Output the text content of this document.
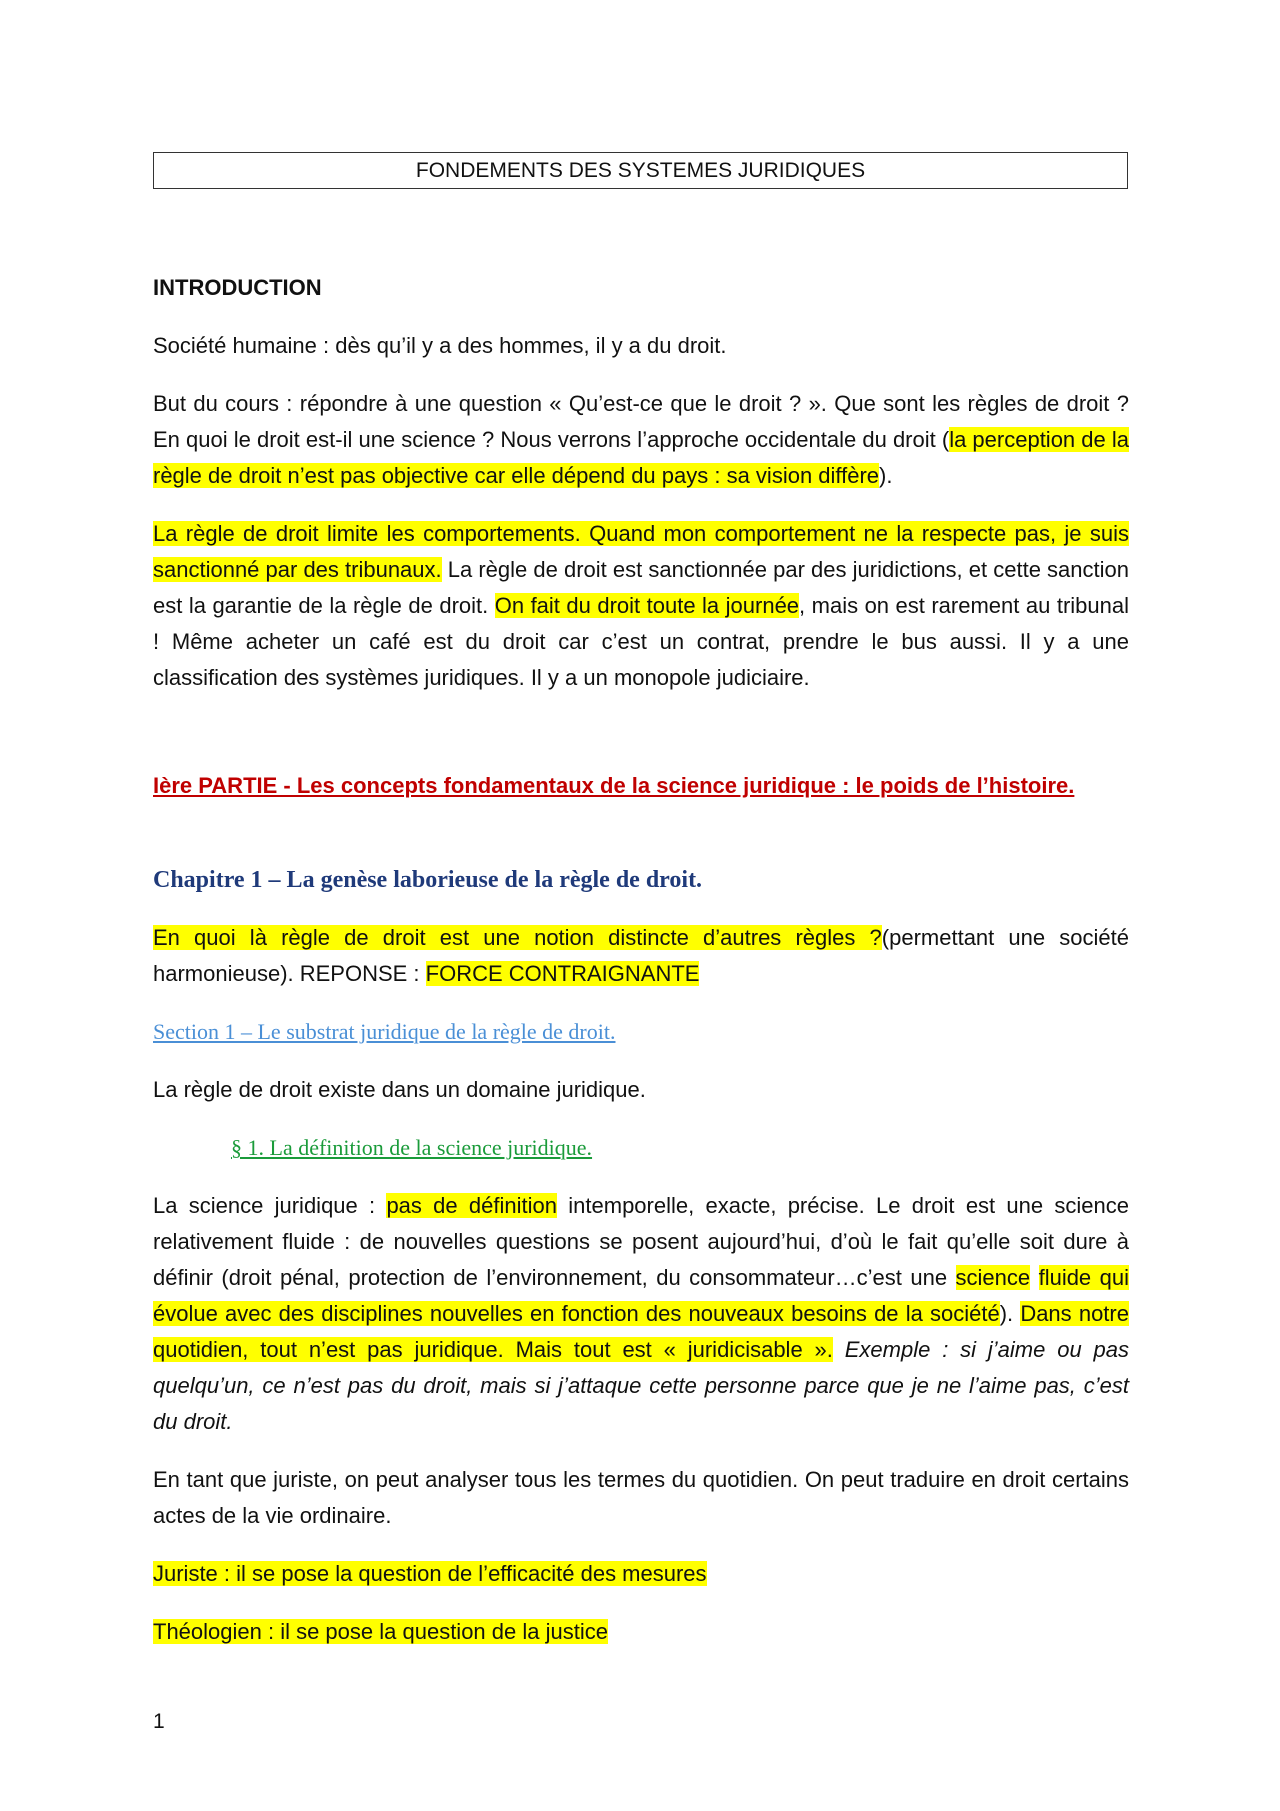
FONDEMENTS DES SYSTEMES JURIDIQUES

INTRODUCTION

Société humaine : dès qu’il y a des hommes, il y a du droit.

But du cours : répondre à une question « Qu’est-ce que le droit ? ». Que sont les règles de droit ? En quoi le droit est-il une science ? Nous verrons l’approche occidentale du droit (la perception de la règle de droit n’est pas objective car elle dépend du pays : sa vision diffère).

La règle de droit limite les comportements. Quand mon comportement ne la respecte pas, je suis sanctionné par des tribunaux. La règle de droit est sanctionnée par des juridictions, et cette sanction est la garantie de la règle de droit. On fait du droit toute la journée, mais on est rarement au tribunal ! Même acheter un café est du droit car c’est un contrat, prendre le bus aussi. Il y a une classification des systèmes juridiques. Il y a un monopole judiciaire.

Ière PARTIE - Les concepts fondamentaux de la science juridique : le poids de l’histoire.

Chapitre 1 – La genèse laborieuse de la règle de droit.

En quoi là règle de droit est une notion distincte d’autres règles ?(permettant une société harmonieuse). REPONSE : FORCE CONTRAIGNANTE

Section 1 – Le substrat juridique de la règle de droit.

La règle de droit existe dans un domaine juridique.

§ 1. La définition de la science juridique.

La science juridique : pas de définition intemporelle, exacte, précise. Le droit est une science relativement fluide : de nouvelles questions se posent aujourd’hui, d’où le fait qu’elle soit dure à définir (droit pénal, protection de l’environnement, du consommateur…c’est une science fluide qui évolue avec des disciplines nouvelles en fonction des nouveaux besoins de la société). Dans notre quotidien, tout n’est pas juridique. Mais tout est « juridicisable ». Exemple : si j’aime ou pas quelqu’un, ce n’est pas du droit, mais si j’attaque cette personne parce que je ne l’aime pas, c’est du droit.

En tant que juriste, on peut analyser tous les termes du quotidien. On peut traduire en droit certains actes de la vie ordinaire.

Juriste : il se pose la question de l’efficacité des mesures

Théologien : il se pose la question de la justice

1
